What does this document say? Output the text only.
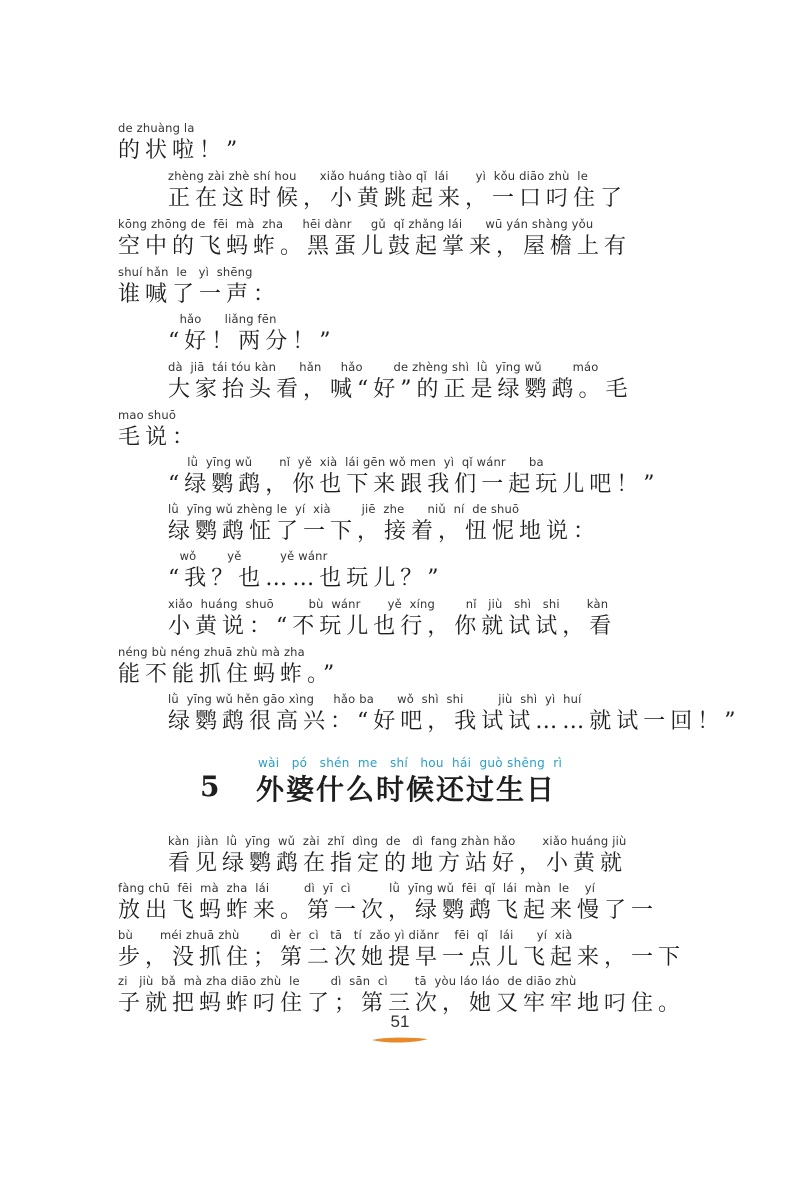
de zhuàng la
的状啦！”
zhèng zài zhè shí hou      xiǎo huáng tiào qǐ  lái       yì  kǒu diāo zhù  le
正在这时候，小黄跳起来，一口叼住了
kōng zhōng de  fēi  mà  zha     hēi dànr     gǔ  qǐ zhǎng lái      wū yán shàng yǒu
空中的飞蚂蚱。黑蛋儿鼓起掌来，屋檐上有
shuí hǎn  le   yì  shēng
谁喊了一声：
hǎo      liǎng fēn
“好！两分！”
dà  jiā  tái tóu kàn      hǎn     hǎo        de zhèng shì  lǜ  yīng wǔ        máo
大家抬头看，喊“好”的正是绿鹦鹉。毛
mao shuō
毛说：
lǜ  yīng wǔ       nǐ  yě  xià  lái gēn wǒ men  yì  qǐ wánr      ba
“绿鹦鹉，你也下来跟我们一起玩儿吧！”
lǜ  yīng wǔ zhèng le  yí  xià        jiē  zhe      niǔ  ní  de shuō
绿鹦鹉怔了一下，接着，忸怩地说：
wǒ        yě          yě wánr
“我？也……也玩儿？”
xiǎo  huáng  shuō         bù  wánr       yě  xíng        nǐ   jiù   shì   shi       kàn
小黄说：“不玩儿也行，你就试试，看
néng bù néng zhuā zhù mà zha
能不能抓住蚂蚱。”
lǜ  yīng wǔ hěn gāo xìng     hǎo ba      wǒ  shì  shi         jiù  shì  yì  huí
绿鹦鹉很高兴：“好吧，我试试……就试一回！”
wài   pó   shén  me   shí   hou  hái  guò shēng  rì
5 外婆什么时候还过生日
kàn  jiàn  lǜ  yīng  wǔ  zài  zhǐ  dìng  de   dì  fang zhàn hǎo       xiǎo huáng jiù
看见绿鹦鹉在指定的地方站好，小黄就
fàng chū  fēi  mà  zha  lái         dì  yī  cì          lǜ  yīng wǔ  fēi  qǐ  lái  màn  le    yí
放出飞蚂蚱来。第一次，绿鹦鹉飞起来慢了一
bù       méi zhuā zhù        dì  èr  cì   tā   tí  zǎo yì diǎnr    fēi  qǐ   lái      yí  xià
步，没抓住；第二次她提早一点儿飞起来，一下
zi   jiù  bǎ  mà zha diāo zhù  le        dì  sān  cì       tā  yòu láo láo  de diāo zhù
子就把蚂蚱叼住了；第三次，她又牢牢地叼住。
51
